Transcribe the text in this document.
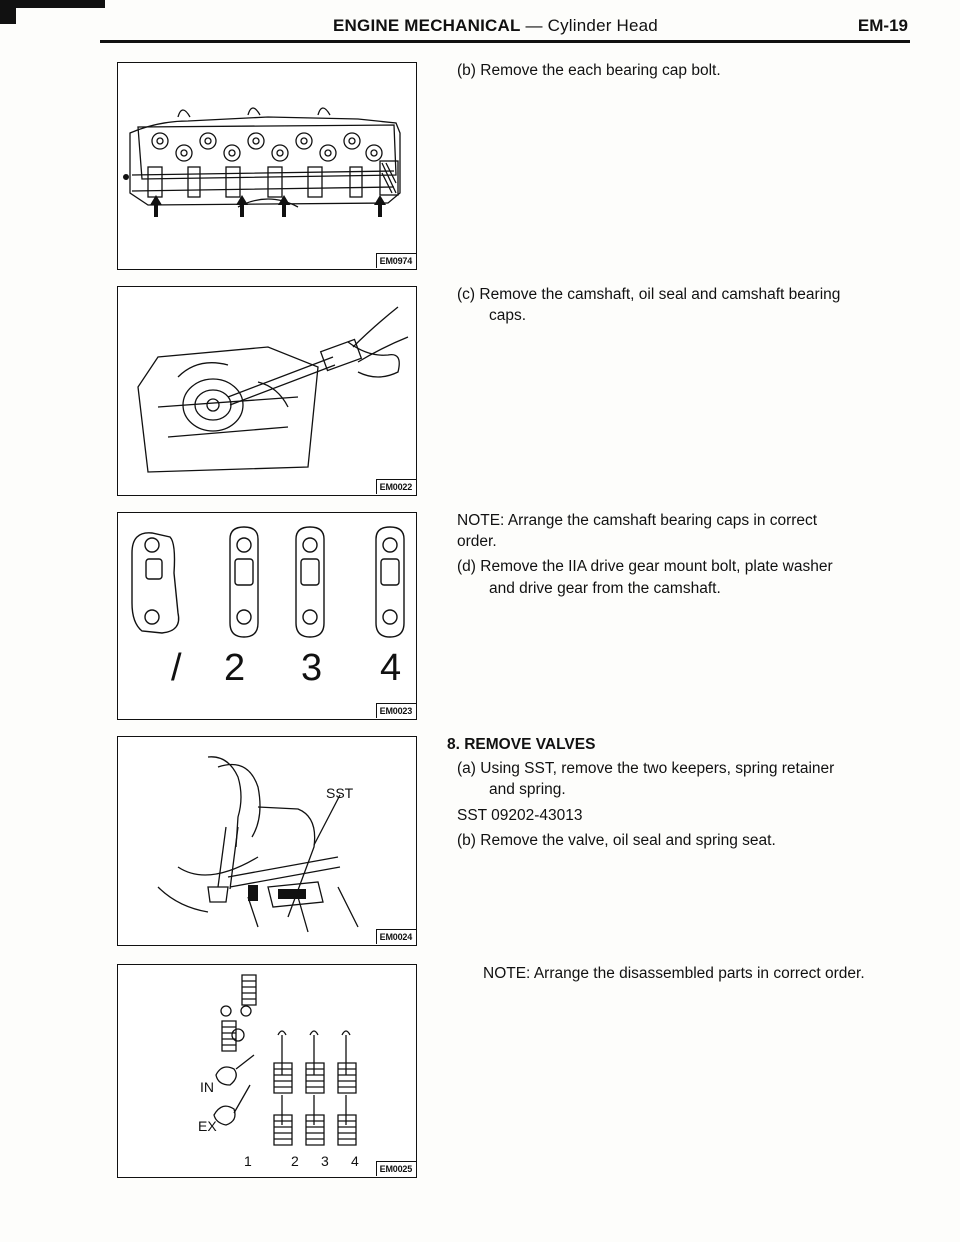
ENGINE MECHANICAL — Cylinder Head	EM-19
EM0974
EM0022
/ 2 3 4
EM0023
SST
EM0024
IN
EX
1	2 3 4 EM0025
(b) Remove the each bearing cap bolt.
(c) Remove the camshaft, oil seal and camshaft bearing
caps.
NOTE: Arrange the camshaft bearing caps in correct
order.
(d) Remove the IIA drive gear mount bolt, plate washer
and drive gear from the camshaft.
8. REMOVE VALVES
(a) Using SST, remove the two keepers, spring retainer
and spring.
SST 09202-43013
(b) Remove the valve, oil seal and spring seat.
NOTE: Arrange the disassembled parts in correct order.
